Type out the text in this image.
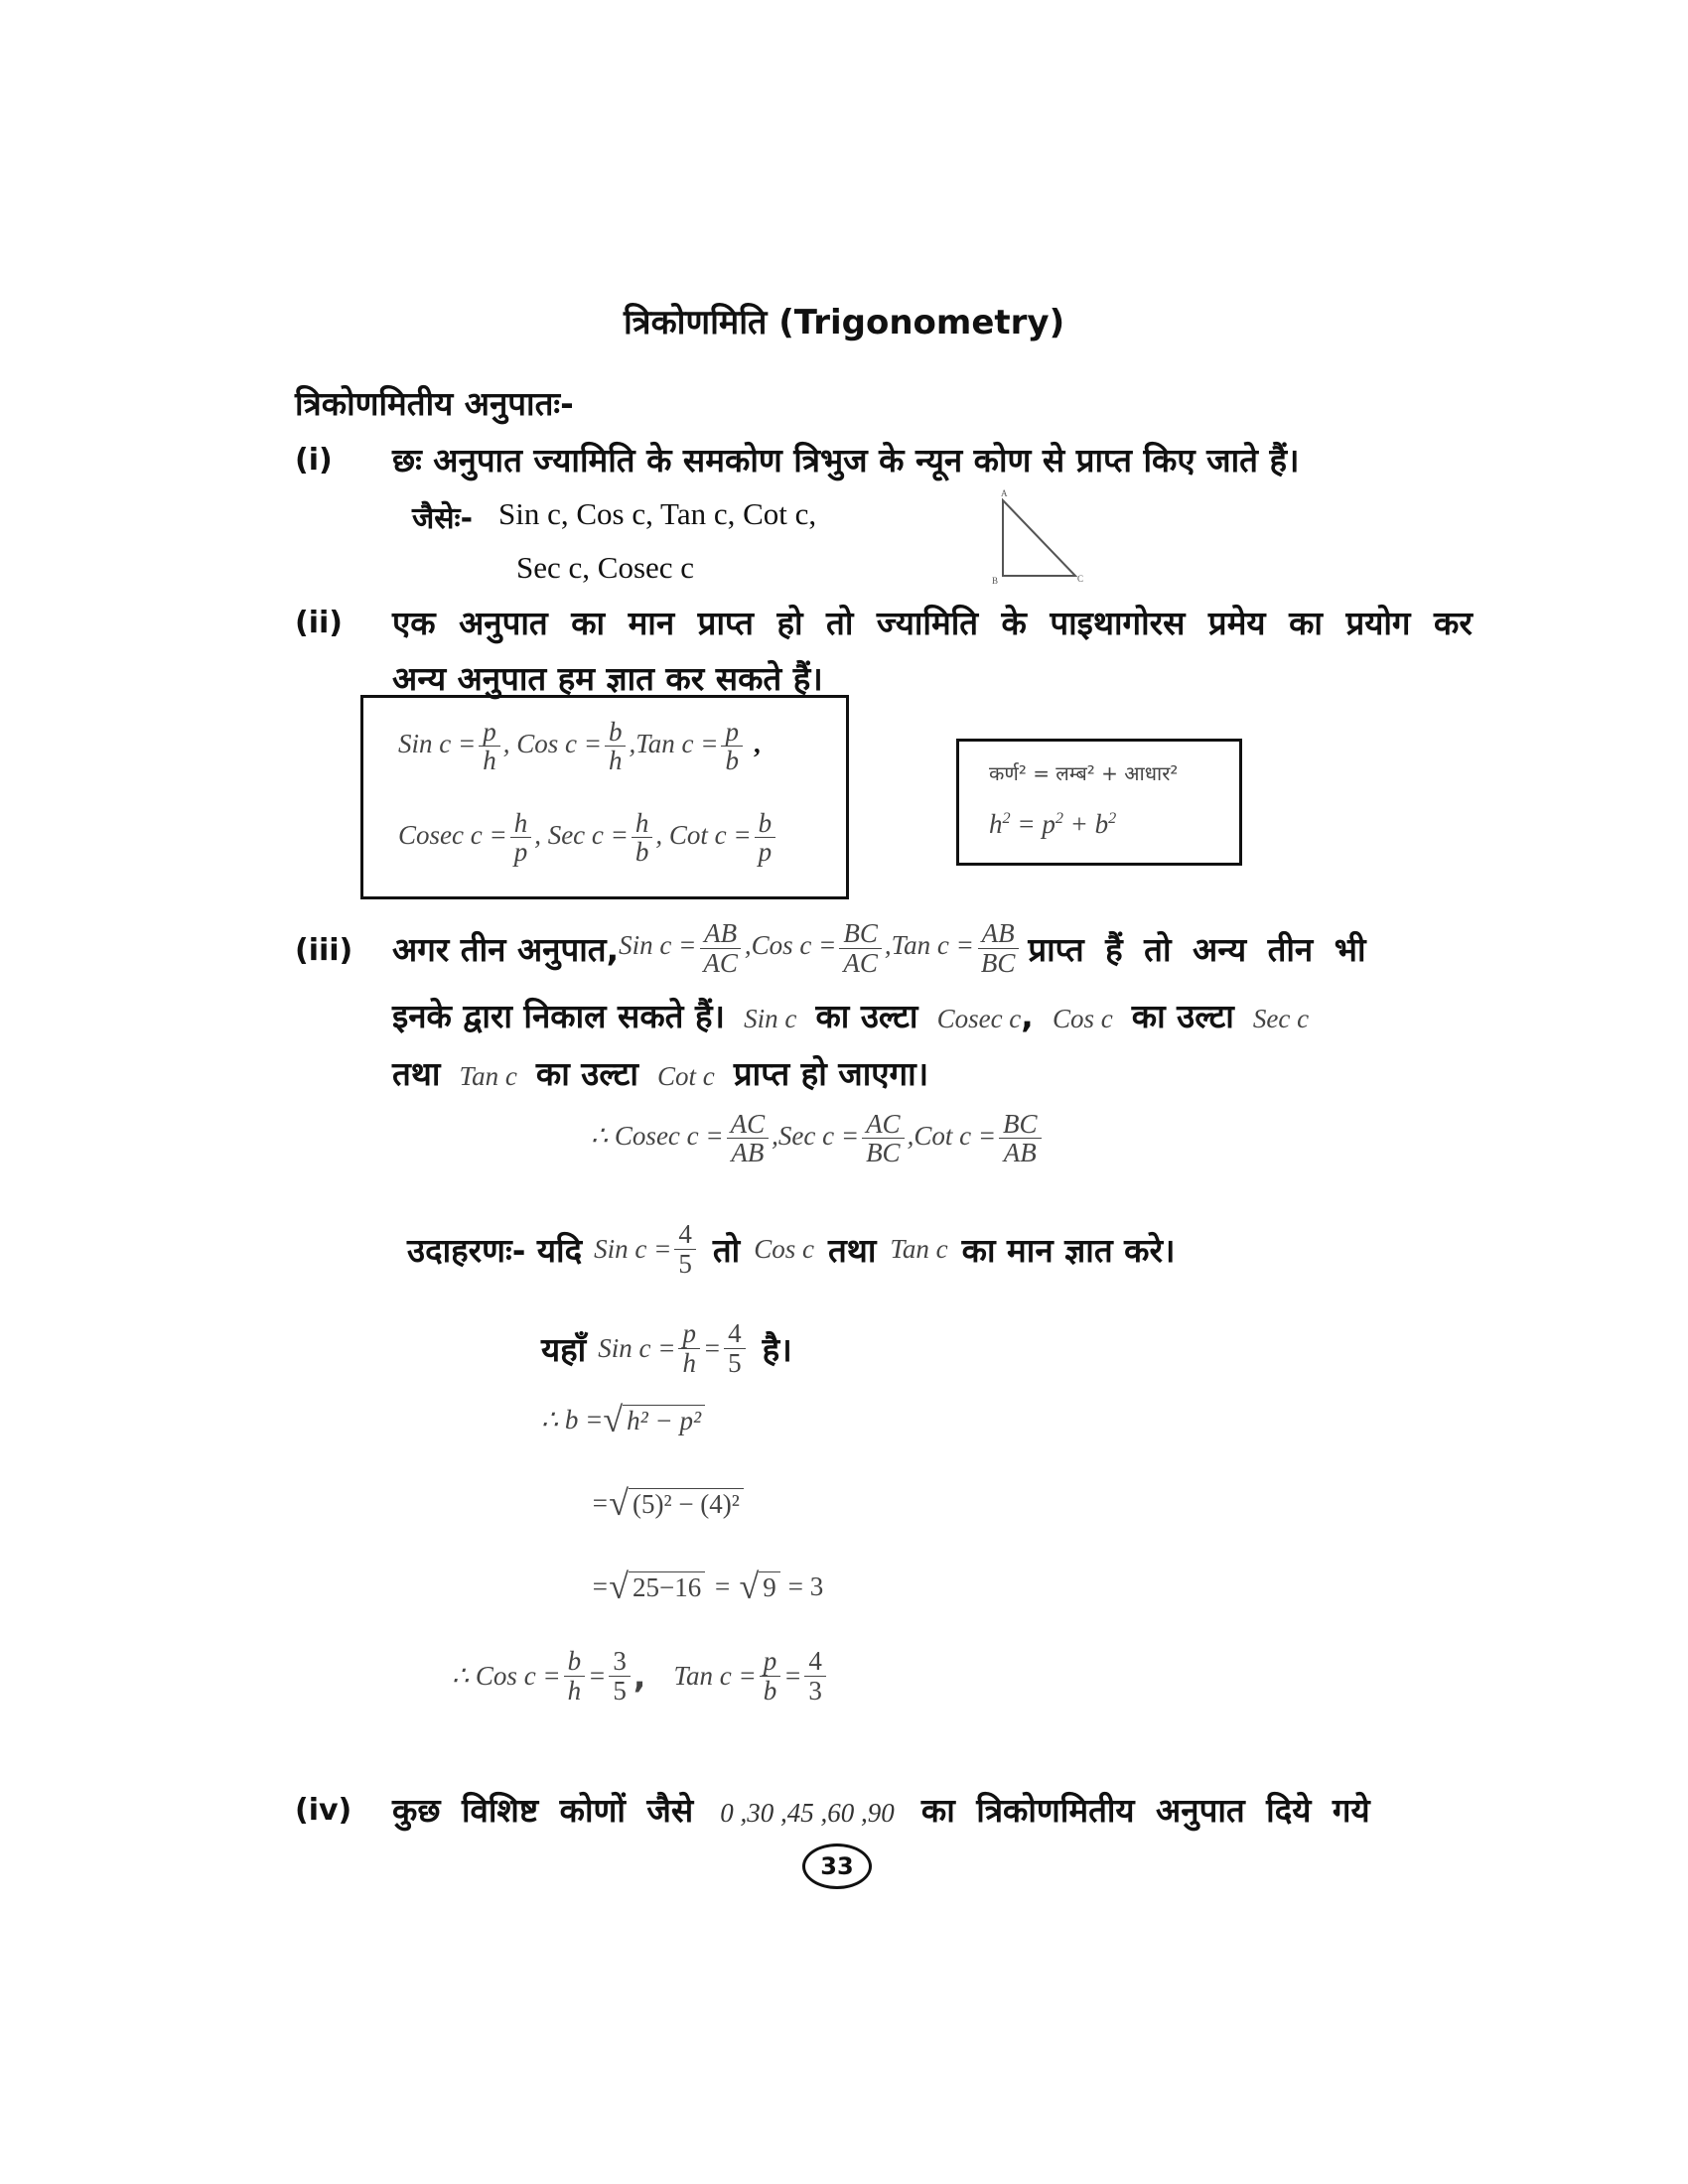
त्रिकोणमिति (Trigonometry)
त्रिकोणमितीय अनुपातः-
(i) छः अनुपात ज्यामिति के समकोण त्रिभुज के न्यून कोण से प्राप्त किए जाते हैं।
जैसेः- Sin c, Cos c, Tan c, Cot c,
Sec c, Cosec c
A
B	C
(ii) एक अनुपात का मान प्राप्त हो तो ज्यामिति के पाइथागोरस प्रमेय का प्रयोग कर
अन्य अनुपात हम ज्ञात कर सकते हैं।
Sin $c = \frac{p}{h}$ , Cos $c = \frac{b}{h} ,Tan$ $c = \frac{p}{b}$ ,
Cosec $c = \frac{h}{p}$ , Sec $c = \frac{h}{b}$ , Cot $c = \frac{b}{p}$
कर्ण² = लम्ब² + आधार²
$h^2 = p^2 + b^2$
(iii) अगर तीन अनुपात, Sin $c = \frac{AB}{AC} ,Cos$ $c = \frac{BC}{AC} ,Tan$ $c = \frac{AB}{BC}$ प्राप्त हैं तो अन्य तीन भी
इनके द्वारा निकाल सकते हैं। Sin c का उल्टा Cosec c, Cos c का उल्टा Sec c
तथा Tan c का उल्टा Cot c प्राप्त हो जाएगा।
∴ Cosec $c = \frac{AC}{AB} ,Sec$ $c = \frac{AC}{BC} ,Cot$ $c = \frac{BC}{AB}$
उदाहरणः- यदि Sin $c = \frac{4}{5}$ तो Cos c तथा Tan c का मान ज्ञात करे।
यहाँ Sin $c = \frac{p}{h} = \frac{4}{5}$ है।
∴ b = √ h² − p²
= √ (5)² − (4)²
= √ 25−16 = √ 9 = 3
∴ Cos $c = \frac{b}{h} = \frac{3}{5}$ , Tan $c = \frac{p}{b} = \frac{4}{3}$
(iv) कुछ विशिष्ट कोणों जैसे 0 ,30 ,45 ,60 ,90 का त्रिकोणमितीय अनुपात दिये गये
33
